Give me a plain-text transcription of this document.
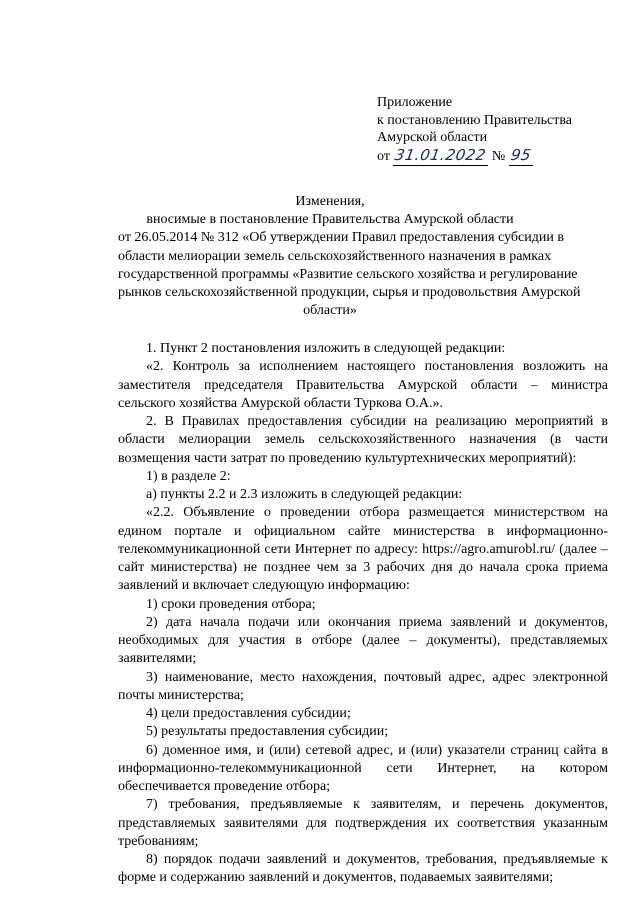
Приложение
к постановлению Правительства
Амурской области
от 31.01.2022 № 95
Изменения,
вносимые в постановление Правительства Амурской области
от 26.05.2014 № 312 «Об утверждении Правил предоставления субсидии в
области мелиорации земель сельскохозяйственного назначения в рамках
государственной программы «Развитие сельского хозяйства и регулирование
рынков сельскохозяйственной продукции, сырья и продовольствия Амурской
области»

1. Пункт 2 постановления изложить в следующей редакции:

«2. Контроль за исполнением настоящего постановления возложить на заместителя председателя Правительства Амурской области – министра сельского хозяйства Амурской области Туркова О.А.».

2. В Правилах предоставления субсидии на реализацию мероприятий в области мелиорации земель сельскохозяйственного назначения (в части возмещения части затрат по проведению культуртехнических мероприятий):

1) в разделе 2:

а) пункты 2.2 и 2.3 изложить в следующей редакции:

«2.2. Объявление о проведении отбора размещается министерством на едином портале и официальном сайте министерства в информационно-телекоммуникационной сети Интернет по адресу: https://agro.amurobl.ru/ (далее – сайт министерства) не позднее чем за 3 рабочих дня до начала срока приема заявлений и включает следующую информацию:

1) сроки проведения отбора;

2) дата начала подачи или окончания приема заявлений и документов, необходимых для участия в отборе (далее – документы), представляемых заявителями;

3) наименование, место нахождения, почтовый адрес, адрес электронной почты министерства;

4) цели предоставления субсидии;

5) результаты предоставления субсидии;

6) доменное имя, и (или) сетевой адрес, и (или) указатели страниц сайта в информационно-телекоммуникационной сети Интернет, на котором обеспечивается проведение отбора;

7) требования, предъявляемые к заявителям, и перечень документов, представляемых заявителями для подтверждения их соответствия указанным требованиям;

8) порядок подачи заявлений и документов, требования, предъявляемые к форме и содержанию заявлений и документов, подаваемых заявителями;
